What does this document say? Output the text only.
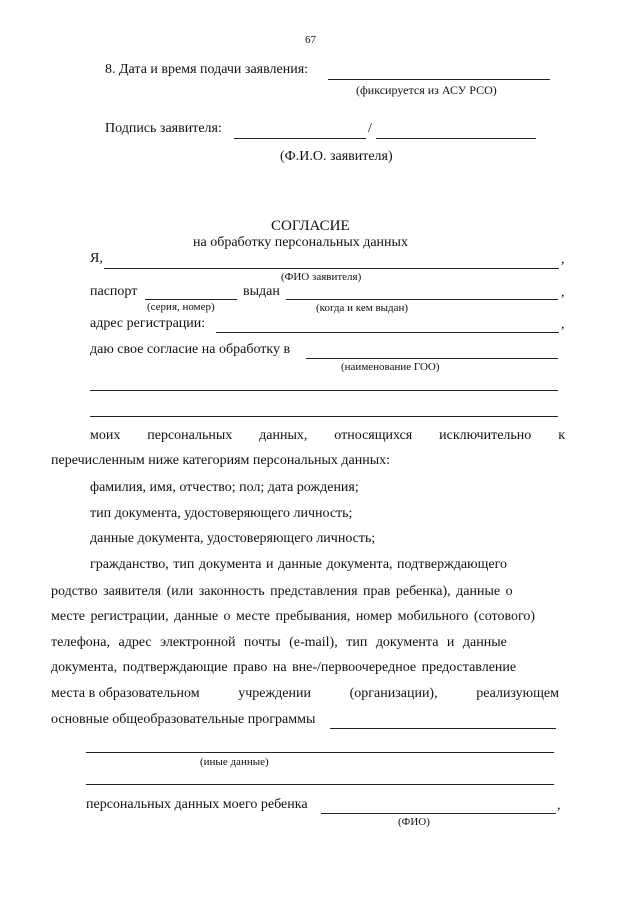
67
8. Дата и время подачи заявления:
(фиксируется из АСУ РСО)
Подпись заявителя:	/
(Ф.И.О. заявителя)
СОГЛАСИЕ
на обработку персональных данных
Я,	,
(ФИО заявителя)
паспорт	выдан	,
(серия, номер)	(когда и кем выдан)
адрес регистрации:	,
даю свое согласие на обработку в
(наименование ГОО)
моих персональных данных, относящихся исключительно к
перечисленным ниже категориям персональных данных:
фамилия, имя, отчество; пол; дата рождения;
тип документа, удостоверяющего личность;
данные документа, удостоверяющего личность;
гражданство, тип документа и данные документа, подтверждающего
родство заявителя (или законность представления прав ребенка), данные о
месте регистрации, данные о месте пребывания, номер мобильного (сотового)
телефона, адрес электронной почты (e-mail), тип документа и данные
документа, подтверждающие право на вне-/первоочередное предоставление
места в образовательном	учреждении	(организации),	реализующем
основные общеобразовательные программы
(иные данные)
персональных данных моего ребенка	,
(ФИО)
